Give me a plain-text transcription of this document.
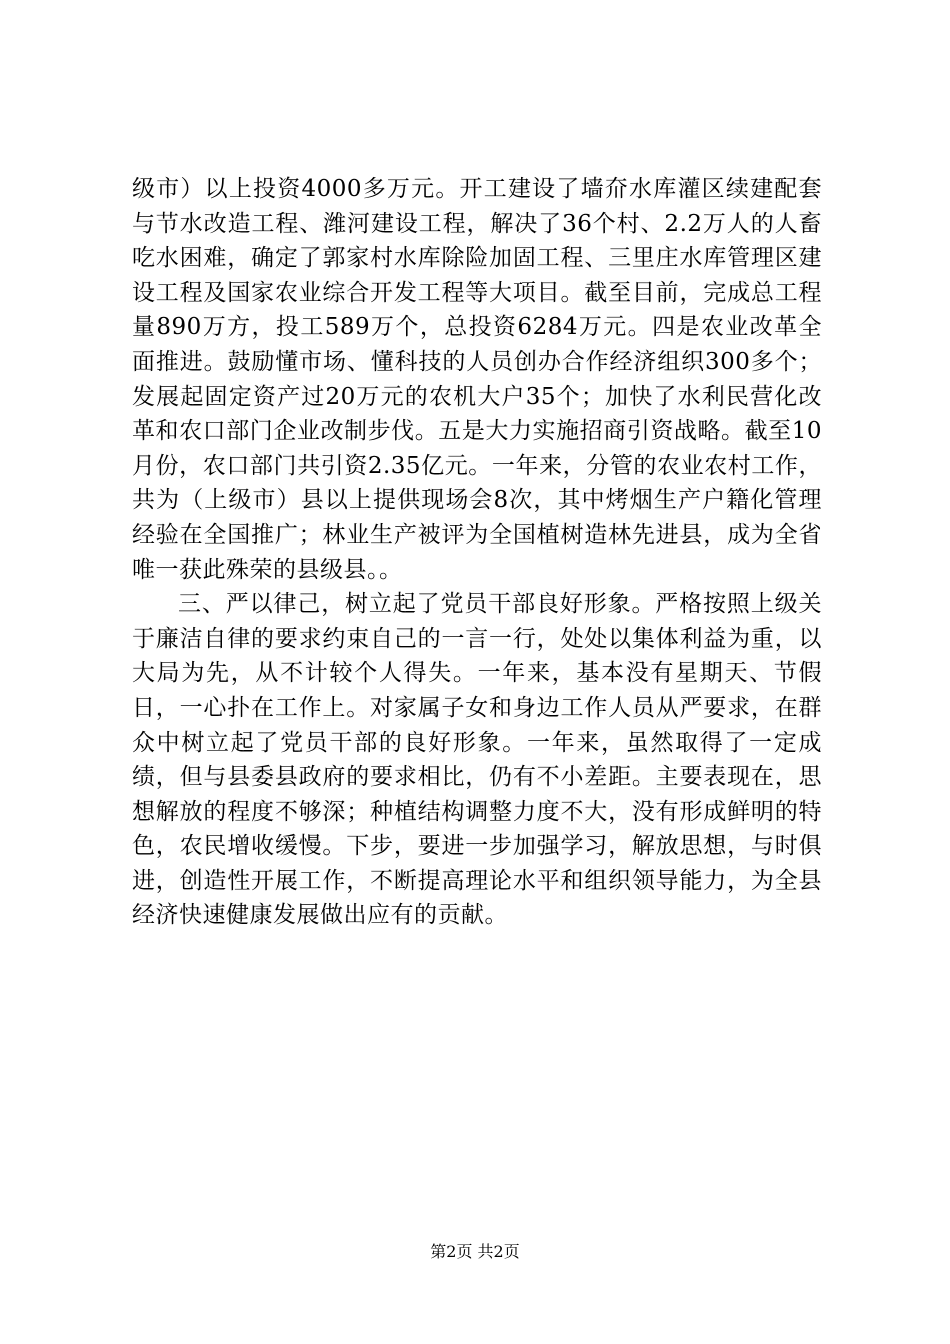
级市）以上投资4000多万元。开工建设了墙夼水库灌区续建配套与节水改造工程、潍河建设工程，解决了36个村、2.2万人的人畜吃水困难，确定了郭家村水库除险加固工程、三里庄水库管理区建设工程及国家农业综合开发工程等大项目。截至目前，完成总工程量890万方，投工589万个，总投资6284万元。四是农业改革全面推进。鼓励懂市场、懂科技的人员创办合作经济组织300多个；发展起固定资产过20万元的农机大户35个；加快了水利民营化改革和农口部门企业改制步伐。五是大力实施招商引资战略。截至10月份，农口部门共引资2.35亿元。一年来，分管的农业农村工作，共为（上级市）县以上提供现场会8次，其中烤烟生产户籍化管理经验在全国推广；林业生产被评为全国植树造林先进县，成为全省唯一获此殊荣的县级县。。

三、严以律己，树立起了党员干部良好形象。严格按照上级关于廉洁自律的要求约束自己的一言一行，处处以集体利益为重，以大局为先，从不计较个人得失。一年来，基本没有星期天、节假日，一心扑在工作上。对家属子女和身边工作人员从严要求，在群众中树立起了党员干部的良好形象。一年来，虽然取得了一定成绩，但与县委县政府的要求相比，仍有不小差距。主要表现在，思想解放的程度不够深；种植结构调整力度不大，没有形成鲜明的特色，农民增收缓慢。下步，要进一步加强学习，解放思想，与时俱进，创造性开展工作，不断提高理论水平和组织领导能力，为全县经济快速健康发展做出应有的贡献。

第2页 共2页
